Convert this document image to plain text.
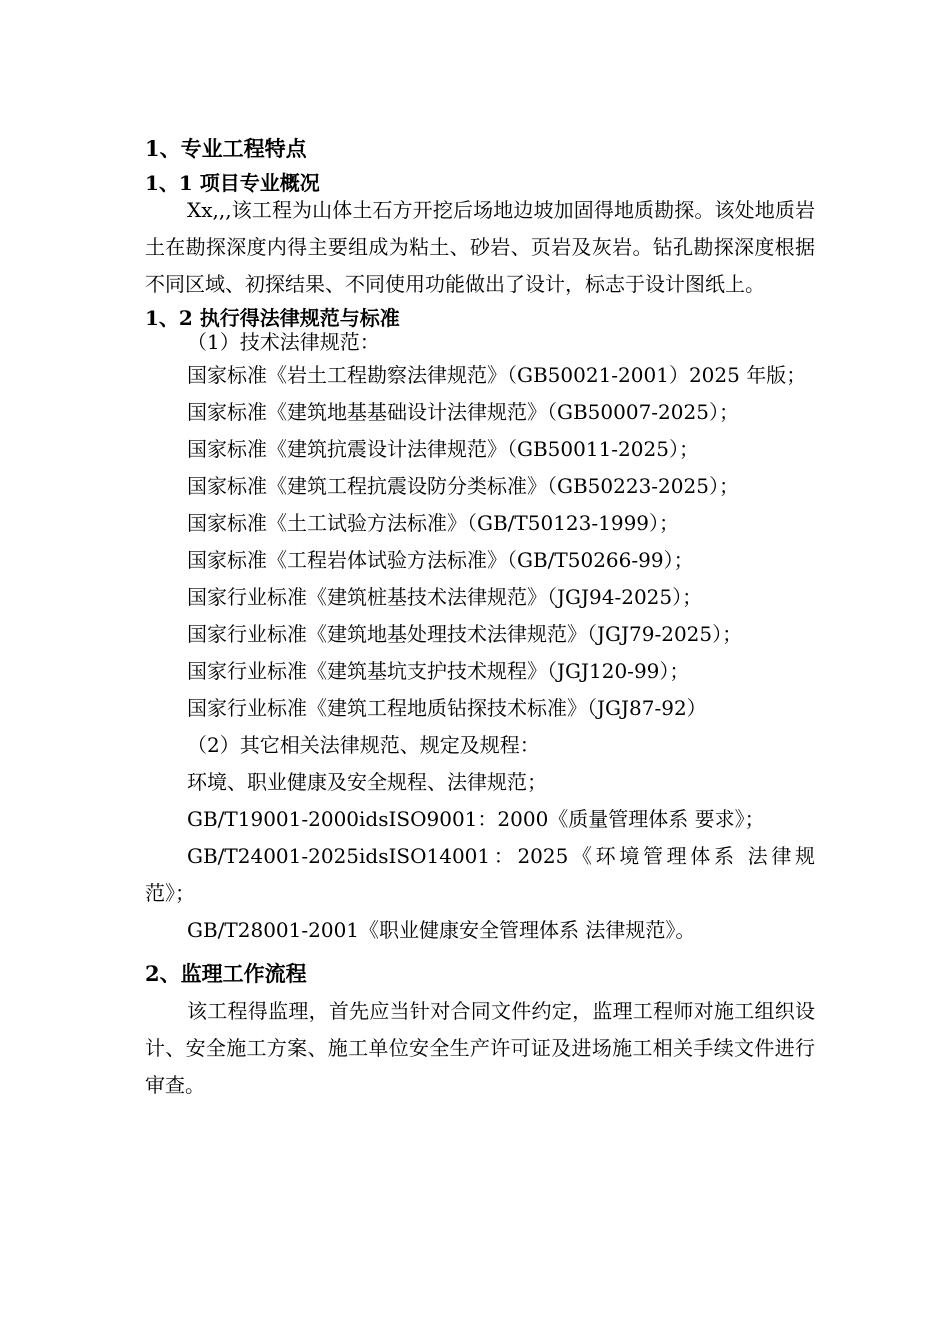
1、专业工程特点

1、1 项目专业概况

Xx,,,该工程为山体土石方开挖后场地边坡加固得地质勘探。该处地质岩土在勘探深度内得主要组成为粘土、砂岩、页岩及灰岩。钻孔勘探深度根据不同区域、初探结果、不同使用功能做出了设计，标志于设计图纸上。

1、2 执行得法律规范与标准

（1）技术法律规范：

国家标准《岩土工程勘察法律规范》（GB50021-2001）2025 年版；

国家标准《建筑地基基础设计法律规范》（GB50007-2025）；

国家标准《建筑抗震设计法律规范》（GB50011-2025）；

国家标准《建筑工程抗震设防分类标准》（GB50223-2025）；

国家标准《土工试验方法标准》（GB/T50123-1999）；

国家标准《工程岩体试验方法标准》（GB/T50266-99）；

国家行业标准《建筑桩基技术法律规范》（JGJ94-2025）；

国家行业标准《建筑地基处理技术法律规范》（JGJ79-2025）；

国家行业标准《建筑基坑支护技术规程》（JGJ120-99）；

国家行业标准《建筑工程地质钻探技术标准》（JGJ87-92）

（2）其它相关法律规范、规定及规程：

环境、职业健康及安全规程、法律规范；

GB/T19001-2000idsISO9001：2000《质量管理体系 要求》；

GB/T24001-2025idsISO14001：2025《环境管理体系 法律规范》；

GB/T28001-2001《职业健康安全管理体系 法律规范》。

2、监理工作流程

该工程得监理，首先应当针对合同文件约定，监理工程师对施工组织设计、安全施工方案、施工单位安全生产许可证及进场施工相关手续文件进行审查。
